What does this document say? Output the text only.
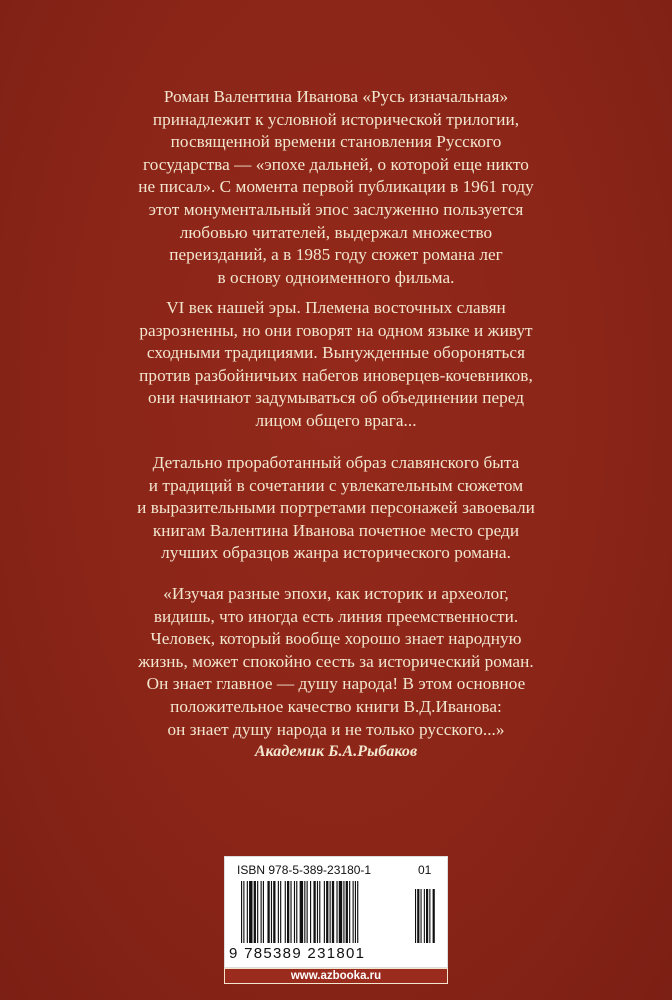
Роман Валентина Иванова «Русь изначальная»

принадлежит к условной исторической трилогии,

посвященной времени становления Русского

государства — «эпохе дальней, о которой еще никто

не писал». С момента первой публикации в 1961 году

этот монументальный эпос заслуженно пользуется

любовью читателей, выдержал множество

переизданий, а в 1985 году сюжет романа лег

в основу одноименного фильма.

VI век нашей эры. Племена восточных славян

разрозненны, но они говорят на одном языке и живут

сходными традициями. Вынужденные обороняться

против разбойничьих набегов иноверцев-кочевников,

они начинают задумываться об объединении перед

лицом общего врага...

Детально проработанный образ славянского быта

и традиций в сочетании с увлекательным сюжетом

и выразительными портретами персонажей завоевали

книгам Валентина Иванова почетное место среди

лучших образцов жанра исторического романа.

«Изучая разные эпохи, как историк и археолог,

видишь, что иногда есть линия преемственности.

Человек, который вообще хорошо знает народную

жизнь, может спокойно сесть за исторический роман.

Он знает главное — душу народа! В этом основное

положительное качество книги В.Д.Иванова:

он знает душу народа и не только русского...»

Академик Б.А.Рыбаков

ISBN 978-5-389-23180-1	01
9 785389 231801
www.azbooka.ru
